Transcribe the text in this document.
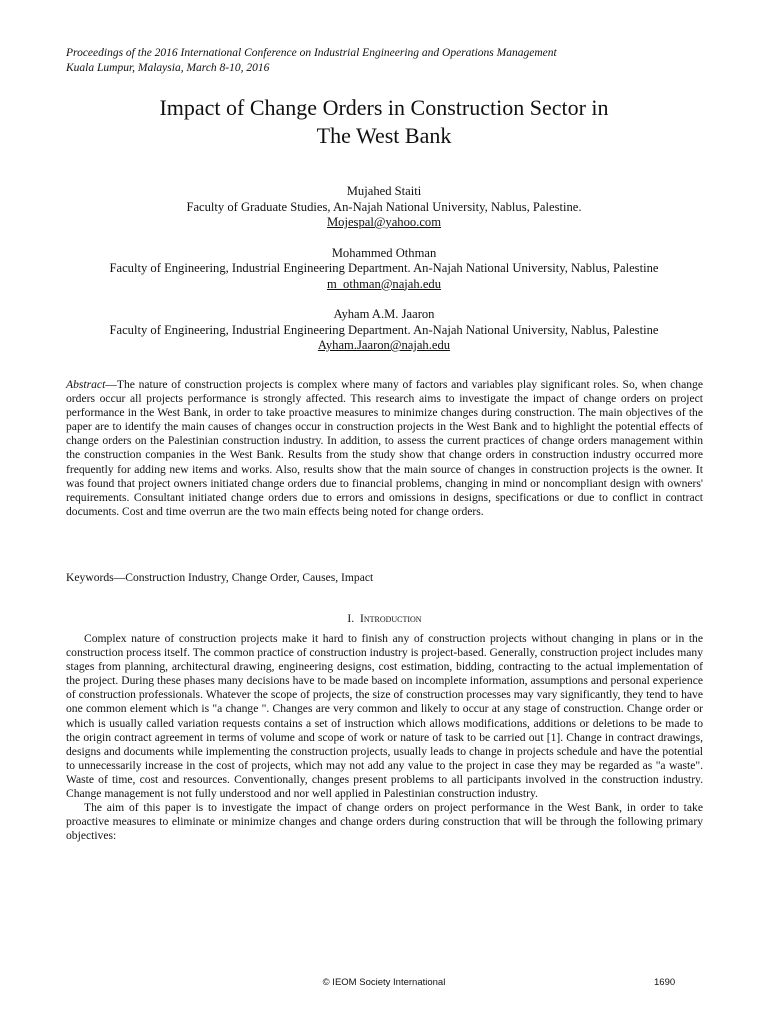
Proceedings of the 2016 International Conference on Industrial Engineering and Operations Management
Kuala Lumpur, Malaysia, March 8-10, 2016
Impact of Change Orders in Construction Sector in
The West Bank
Mujahed Staiti
Faculty of Graduate Studies, An-Najah National University, Nablus, Palestine.
Mojespal@yahoo.com
Mohammed Othman
Faculty of Engineering, Industrial Engineering Department. An-Najah National University, Nablus, Palestine
m_othman@najah.edu
Ayham A.M. Jaaron
Faculty of Engineering, Industrial Engineering Department. An-Najah National University, Nablus, Palestine
Ayham.Jaaron@najah.edu

Abstract—The nature of construction projects is complex where many of factors and variables play significant roles. So, when change orders occur all projects performance is strongly affected. This research aims to investigate the impact of change orders on project performance in the West Bank, in order to take proactive measures to minimize changes during construction. The main objectives of the paper are to identify the main causes of changes occur in construction projects in the West Bank and to highlight the potential effects of change orders on the Palestinian construction industry. In addition, to assess the current practices of change orders management within the construction companies in the West Bank. Results from the study show that change orders in construction industry occurred more frequently for adding new items and works. Also, results show that the main source of changes in construction projects is the owner. It was found that project owners initiated change orders due to financial problems, changing in mind or noncompliant design with owners' requirements. Consultant initiated change orders due to errors and omissions in designs, specifications or due to conflict in contract documents. Cost and time overrun are the two main effects being noted for change orders.

Keywords—Construction Industry, Change Order, Causes, Impact

I. Introduction

Complex nature of construction projects make it hard to finish any of construction projects without changing in plans or in the construction process itself. The common practice of construction industry is project-based. Generally, construction project includes many stages from planning, architectural drawing, engineering designs, cost estimation, bidding, contracting to the actual implementation of the project. During these phases many decisions have to be made based on incomplete information, assumptions and personal experience of construction professionals. Whatever the scope of projects, the size of construction processes may vary significantly, they tend to have one common element which is "a change ". Changes are very common and likely to occur at any stage of construction. Change order or which is usually called variation requests contains a set of instruction which allows modifications, additions or deletions to be made to the origin contract agreement in terms of volume and scope of work or nature of task to be carried out [1]. Change in contract drawings, designs and documents while implementing the construction projects, usually leads to change in projects schedule and have the potential to unnecessarily increase in the cost of projects, which may not add any value to the project in case they may be regarded as "a waste". Waste of time, cost and resources. Conventionally, changes present problems to all participants involved in the construction industry. Change management is not fully understood and nor well applied in Palestinian construction industry.

The aim of this paper is to investigate the impact of change orders on project performance in the West Bank, in order to take proactive measures to eliminate or minimize changes and change orders during construction that will be through the following primary objectives:

© IEOM Society International	1690
